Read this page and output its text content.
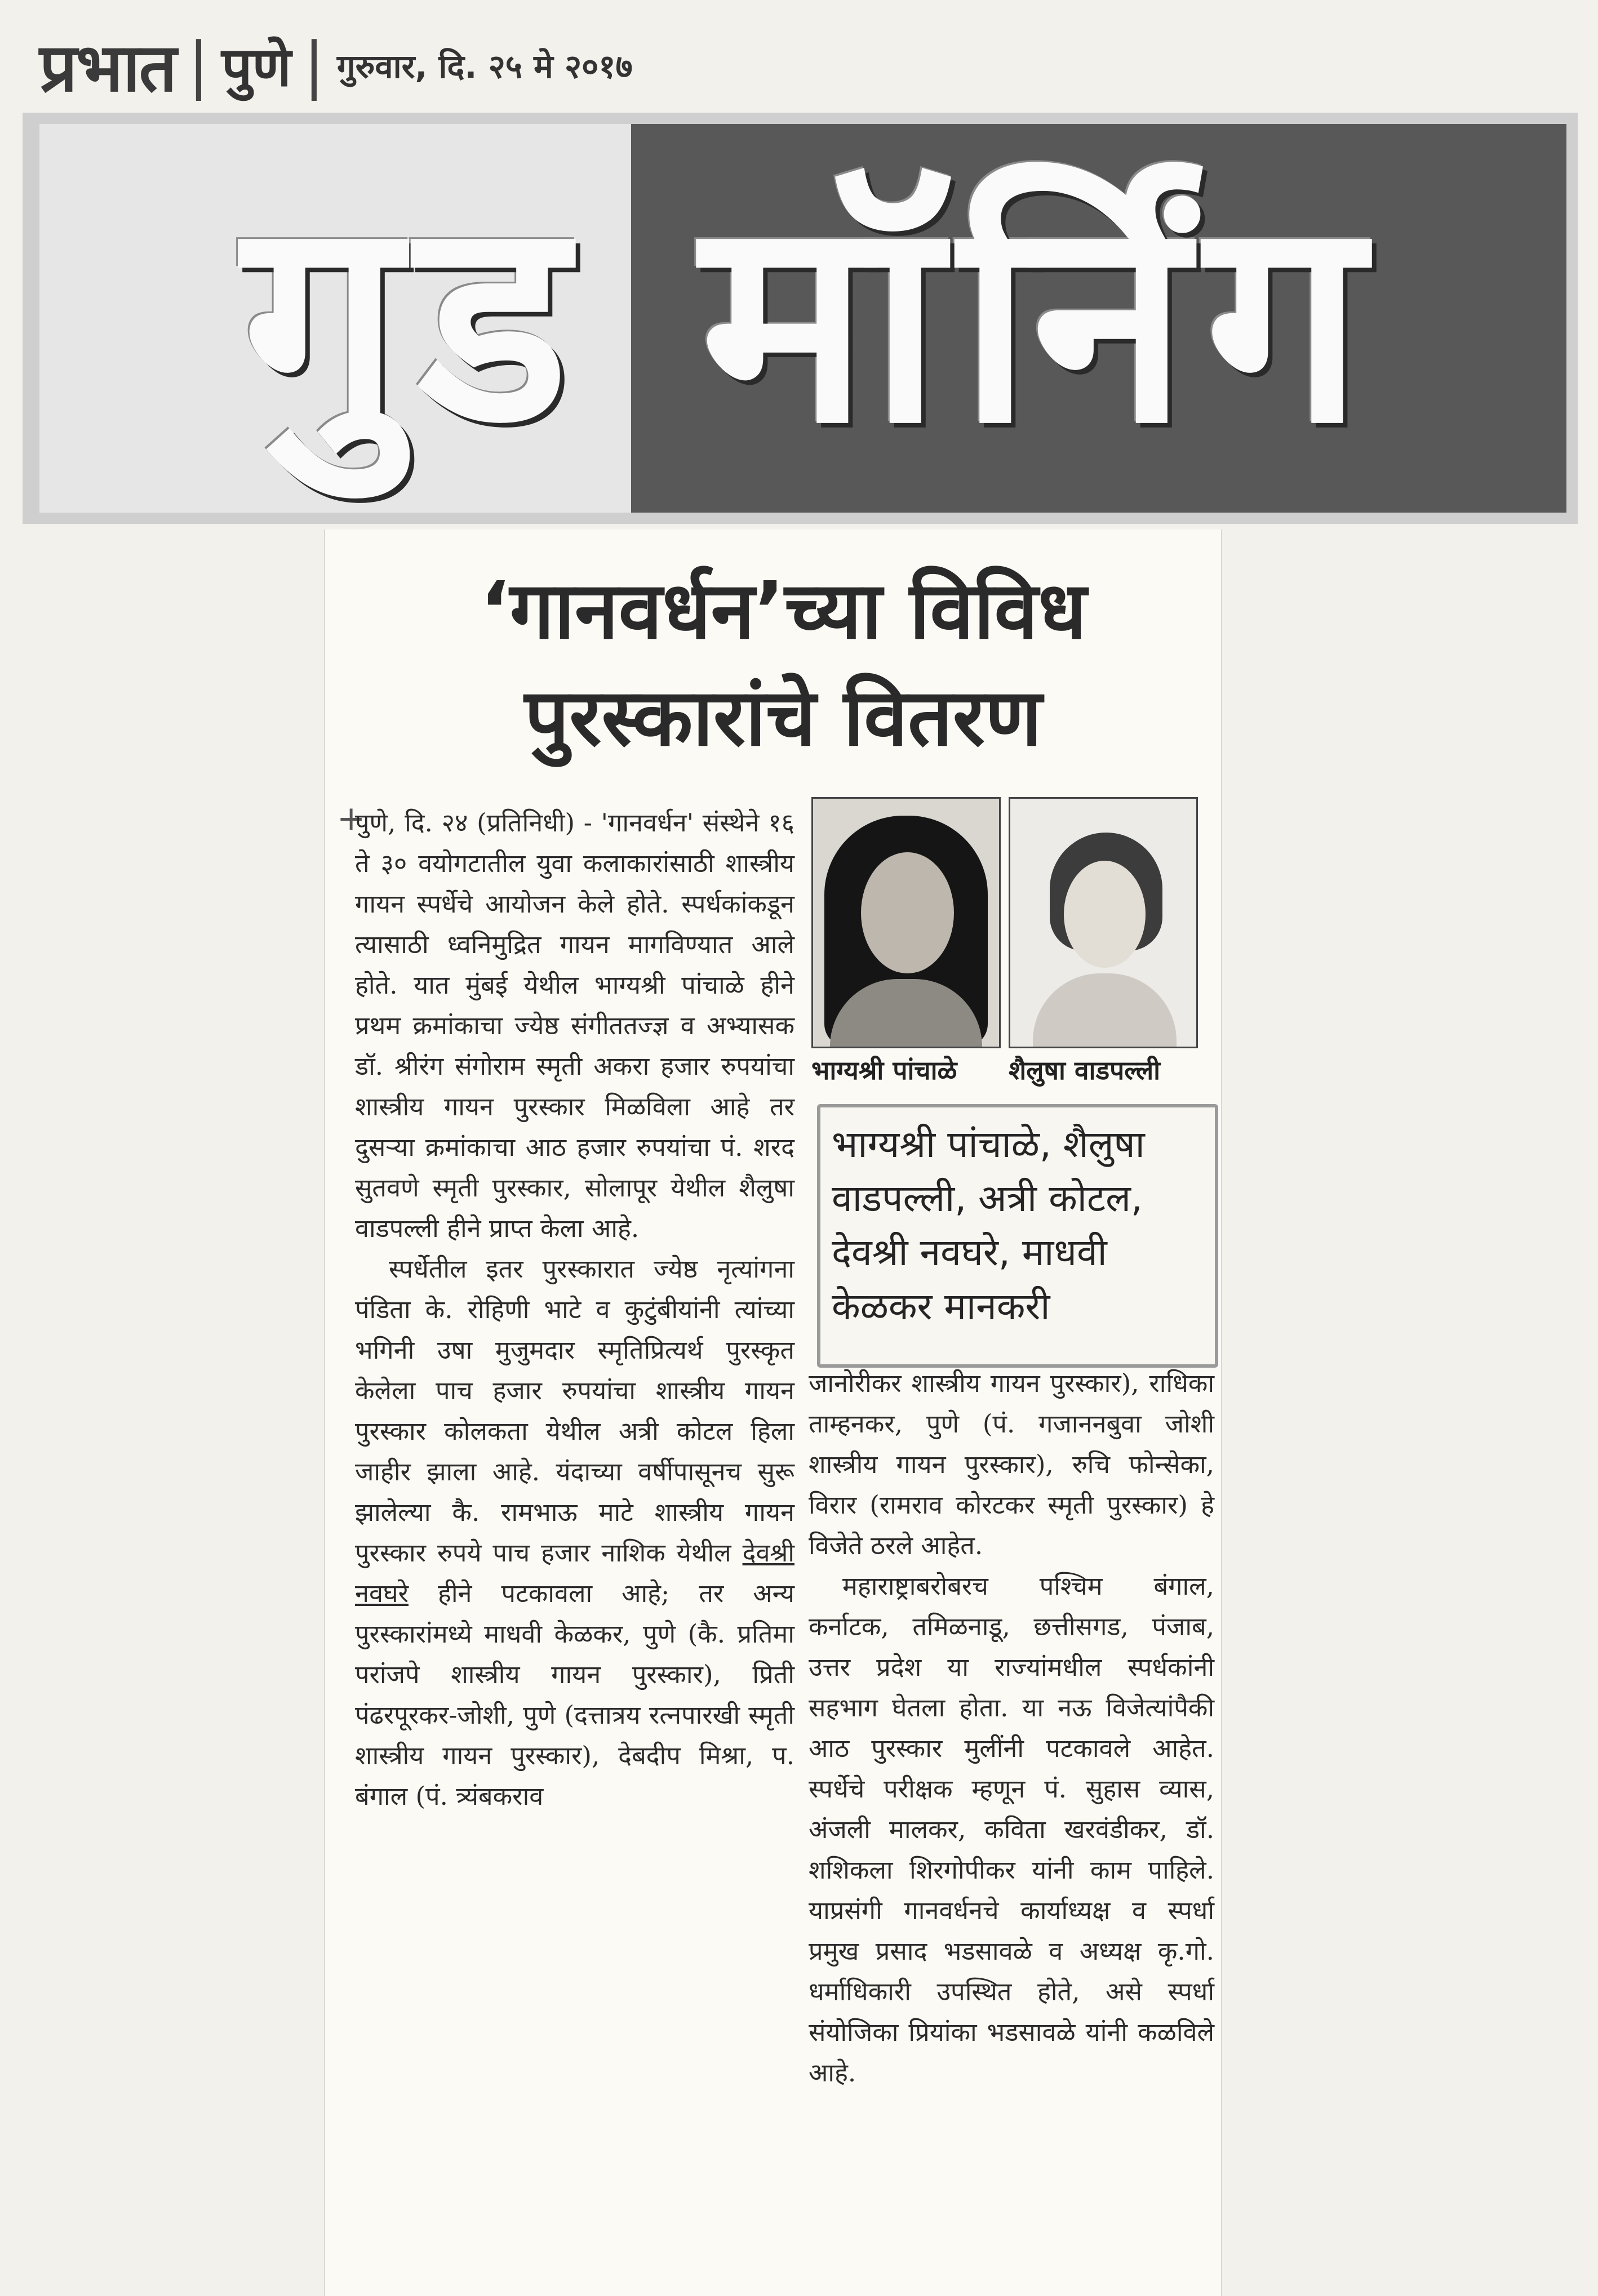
प्रभात | पुणे | गुरुवार, दि. २५ मे २०१७
गुड मॉर्निंग
‘गानवर्धन’च्या विविध
पुरस्कारांचे वितरण
+

पुणे, दि. २४ (प्रतिनिधी) - 'गानवर्धन' संस्थेने १६ ते ३० वयोगटातील युवा कलाकारांसाठी शास्त्रीय गायन स्पर्धेचे आयोजन केले होते. स्पर्धकांकडून त्यासाठी ध्वनिमुद्रित गायन मागविण्यात आले होते. यात मुंबई येथील भाग्यश्री पांचाळे हीने प्रथम क्रमांकाचा ज्येष्ठ संगीततज्ज्ञ व अभ्यासक डॉ. श्रीरंग संगोराम स्मृती अकरा हजार रुपयांचा शास्त्रीय गायन पुरस्कार मिळविला आहे तर दुसऱ्या क्रमांकाचा आठ हजार रुपयांचा पं. शरद सुतवणे स्मृती पुरस्कार, सोलापूर येथील शैलुषा वाडपल्ली हीने प्राप्त केला आहे.

स्पर्धेतील इतर पुरस्कारात ज्येष्ठ नृत्यांगना पंडिता के. रोहिणी भाटे व कुटुंबीयांनी त्यांच्या भगिनी उषा मुजुमदार स्मृतिप्रित्यर्थ पुरस्कृत केलेला पाच हजार रुपयांचा शास्त्रीय गायन पुरस्कार कोलकता येथील अत्री कोटल हिला जाहीर झाला आहे. यंदाच्या वर्षीपासूनच सुरू झालेल्या कै. रामभाऊ माटे शास्त्रीय गायन पुरस्कार रुपये पाच हजार नाशिक येथील देवश्री नवघरे हीने पटकावला आहे; तर अन्य पुरस्कारांमध्ये माधवी केळकर, पुणे (कै. प्रतिमा परांजपे शास्त्रीय गायन पुरस्कार), प्रिती पंढरपूरकर-जोशी, पुणे (दत्तात्रय रत्नपारखी स्मृती शास्त्रीय गायन पुरस्कार), देबदीप मिश्रा, प. बंगाल (पं. त्र्यंबकराव

भाग्यश्री पांचाळे शैलुषा वाडपल्ली
भाग्यश्री पांचाळे, शैलुषा वाडपल्ली, अत्री कोटल, देवश्री नवघरे, माधवी केळकर मानकरी

जानोरीकर शास्त्रीय गायन पुरस्कार), राधिका ताम्हनकर, पुणे (पं. गजाननबुवा जोशी शास्त्रीय गायन पुरस्कार), रुचि फोन्सेका, विरार (रामराव कोरटकर स्मृती पुरस्कार) हे विजेते ठरले आहेत.

महाराष्ट्राबरोबरच पश्चिम बंगाल, कर्नाटक, तमिळनाडू, छत्तीसगड, पंजाब, उत्तर प्रदेश या राज्यांमधील स्पर्धकांनी सहभाग घेतला होता. या नऊ विजेत्यांपैकी आठ पुरस्कार मुलींनी पटकावले आहेत. स्पर्धेचे परीक्षक म्हणून पं. सुहास व्यास, अंजली मालकर, कविता खरवंडीकर, डॉ. शशिकला शिरगोपीकर यांनी काम पाहिले. याप्रसंगी गानवर्धनचे कार्याध्यक्ष व स्पर्धा प्रमुख प्रसाद भडसावळे व अध्यक्ष कृ.गो. धर्माधिकारी उपस्थित होते, असे स्पर्धा संयोजिका प्रियांका भडसावळे यांनी कळविले आहे.
